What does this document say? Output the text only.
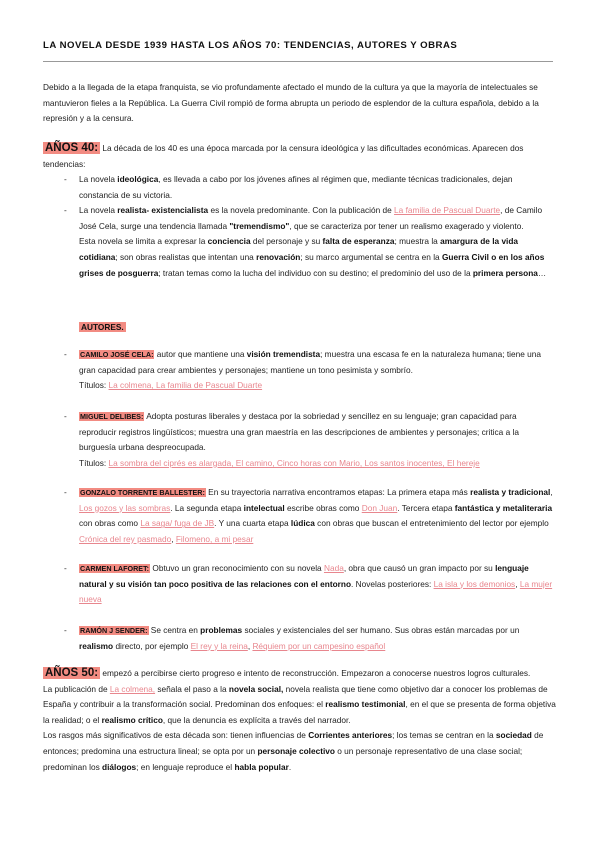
LA NOVELA DESDE 1939 HASTA LOS AÑOS 70: TENDENCIAS, AUTORES Y OBRAS

Debido a la llegada de la etapa franquista, se vio profundamente afectado el mundo de la cultura ya que la mayoría de intelectuales se mantuvieron fieles a la República. La Guerra Civil rompió de forma abrupta un periodo de esplendor de la cultura española, debido a la represión y a la censura.

AÑOS 40: La década de los 40 es una época marcada por la censura ideológica y las dificultades económicas. Aparecen dos tendencias:

- La novela ideológica, es llevada a cabo por los jóvenes afines al régimen que, mediante técnicas tradicionales, dejan constancia de su victoria.
- La novela realista- existencialista es la novela predominante. Con la publicación de La familia de Pascual Duarte, de Camilo José Cela, surge una tendencia llamada "tremendismo", que se caracteriza por tener un realismo exagerado y violento.
Esta novela se limita a expresar la conciencia del personaje y su falta de esperanza; muestra la amargura de la vida cotidiana; son obras realistas que intentan una renovación; su marco argumental se centra en la Guerra Civil o en los años grises de posguerra; tratan temas como la lucha del individuo con su destino; el predominio del uso de la primera persona…

AUTORES.

- CAMILO JOSÉ CELA: autor que mantiene una visión tremendista; muestra una escasa fe en la naturaleza humana; tiene una gran capacidad para crear ambientes y personajes; mantiene un tono pesimista y sombrío.
Títulos: La colmena, La familia de Pascual Duarte
- MIGUEL DELIBES: Adopta posturas liberales y destaca por la sobriedad y sencillez en su lenguaje; gran capacidad para reproducir registros lingüísticos; muestra una gran maestría en las descripciones de ambientes y personajes; critica a la burguesía urbana despreocupada.
Títulos: La sombra del ciprés es alargada, El camino, Cinco horas con Mario, Los santos inocentes, El hereje
- GONZALO TORRENTE BALLESTER: En su trayectoria narrativa encontramos etapas: La primera etapa más realista y tradicional, Los gozos y las sombras. La segunda etapa intelectual escribe obras como Don Juan. Tercera etapa fantástica y metaliteraria con obras como La saga/ fuga de JB. Y una cuarta etapa lúdica con obras que buscan el entretenimiento del lector por ejemplo Crónica del rey pasmado, Filomeno, a mi pesar
- CARMEN LAFORET: Obtuvo un gran reconocimiento con su novela Nada, obra que causó un gran impacto por su lenguaje natural y su visión tan poco positiva de las relaciones con el entorno. Novelas posteriores: La isla y los demonios, La mujer nueva
- RAMÓN J SENDER: Se centra en problemas sociales y existenciales del ser humano. Sus obras están marcadas por un realismo directo, por ejemplo El rey y la reina, Réquiem por un campesino español

AÑOS 50: empezó a percibirse cierto progreso e intento de reconstrucción. Empezaron a conocerse nuestros logros culturales.
La publicación de La colmena, señala el paso a la novela social, novela realista que tiene como objetivo dar a conocer los problemas de España y contribuir a la transformación social. Predominan dos enfoques: el realismo testimonial, en el que se presenta de forma objetiva la realidad; o el realismo crítico, que la denuncia es explícita a través del narrador.
Los rasgos más significativos de esta década son: tienen influencias de Corrientes anteriores; los temas se centran en la sociedad de entonces; predomina una estructura lineal; se opta por un personaje colectivo o un personaje representativo de una clase social; predominan los diálogos; en lenguaje reproduce el habla popular.
